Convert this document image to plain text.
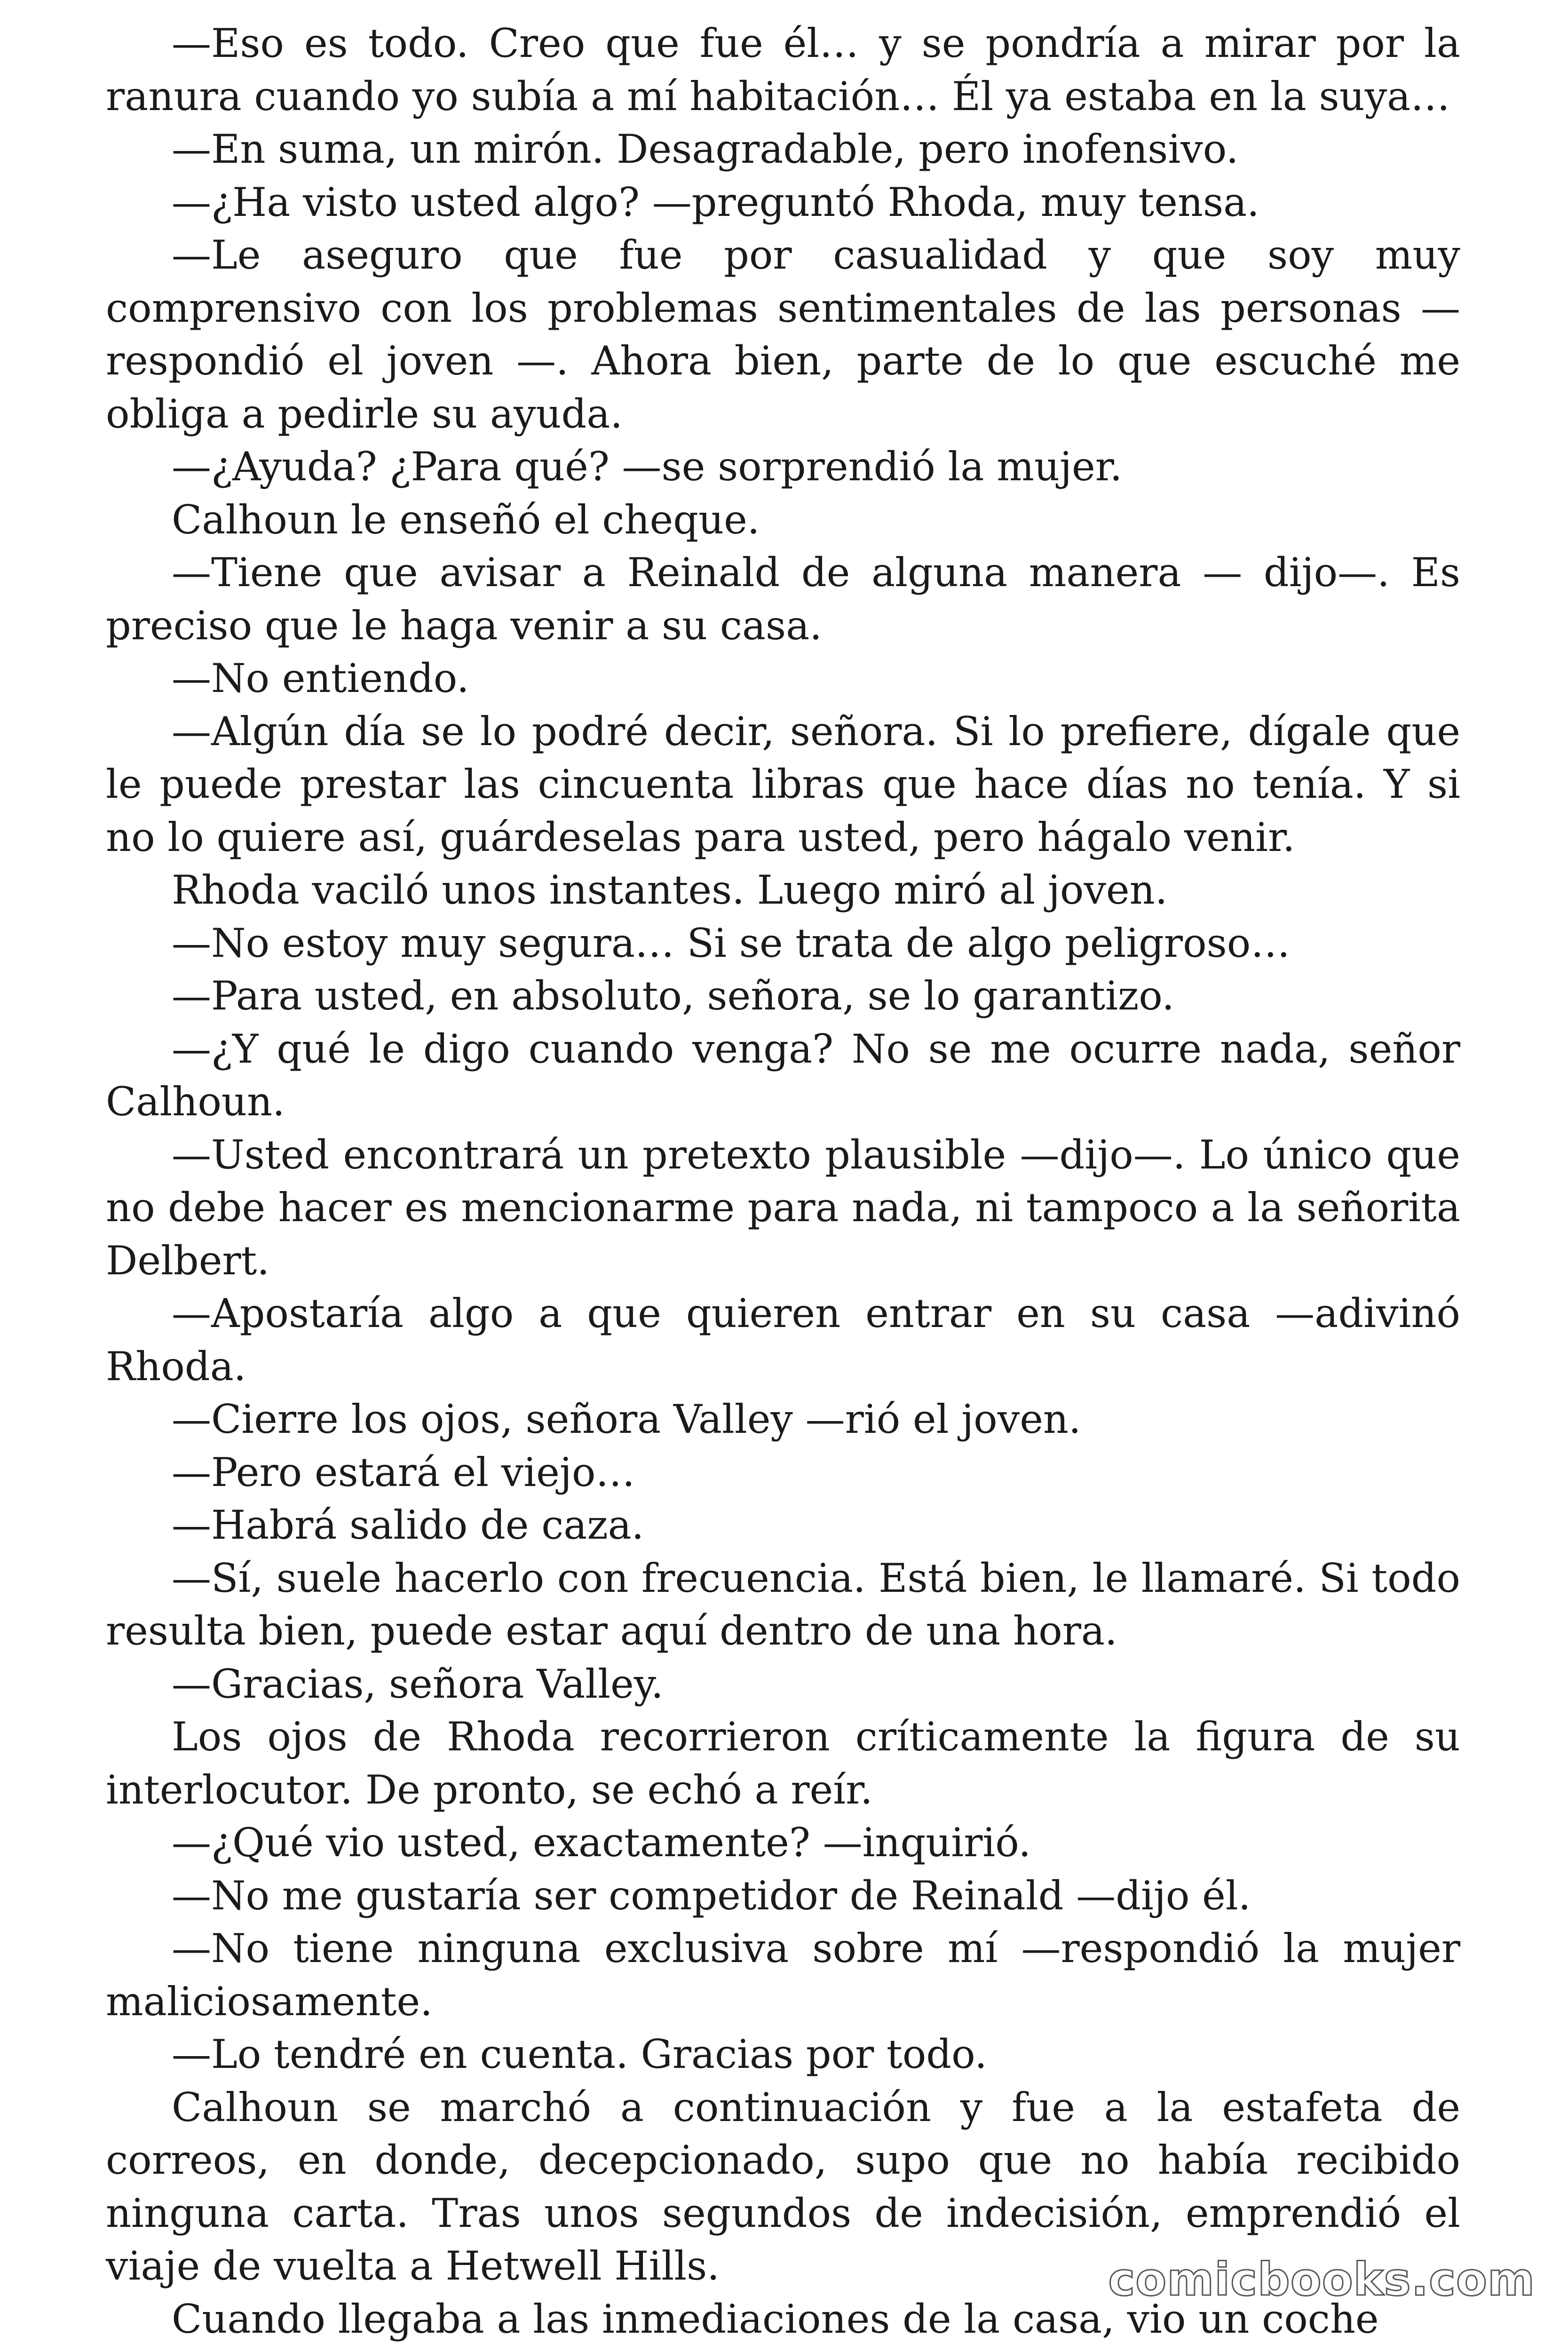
—Eso es todo. Creo que fue él… y se pondría a mirar por la ranura cuando yo subía a mí habitación… Él ya estaba en la suya…

—En suma, un mirón. Desagradable, pero inofensivo.

—¿Ha visto usted algo? —preguntó Rhoda, muy tensa.

—Le aseguro que fue por casualidad y que soy muy comprensivo con los problemas sentimentales de las personas —respondió el joven —. Ahora bien, parte de lo que escuché me obliga a pedirle su ayuda.

—¿Ayuda? ¿Para qué? —se sorprendió la mujer.

Calhoun le enseñó el cheque.

—Tiene que avisar a Reinald de alguna manera — dijo—. Es preciso que le haga venir a su casa.

—No entiendo.

—Algún día se lo podré decir, señora. Si lo prefiere, dígale que le puede prestar las cincuenta libras que hace días no tenía. Y si no lo quiere así, guárdeselas para usted, pero hágalo venir.

Rhoda vaciló unos instantes. Luego miró al joven.

—No estoy muy segura… Si se trata de algo peligroso…

—Para usted, en absoluto, señora, se lo garantizo.

—¿Y qué le digo cuando venga? No se me ocurre nada, señor Calhoun.

—Usted encontrará un pretexto plausible —dijo—. Lo único que no debe hacer es mencionarme para nada, ni tampoco a la señorita Delbert.

—Apostaría algo a que quieren entrar en su casa —adivinó Rhoda.

—Cierre los ojos, señora Valley —rió el joven.

—Pero estará el viejo…

—Habrá salido de caza.

—Sí, suele hacerlo con frecuencia. Está bien, le llamaré. Si todo resulta bien, puede estar aquí dentro de una hora.

—Gracias, señora Valley.

Los ojos de Rhoda recorrieron críticamente la figura de su interlocutor. De pronto, se echó a reír.

—¿Qué vio usted, exactamente? —inquirió.

—No me gustaría ser competidor de Reinald —dijo él.

—No tiene ninguna exclusiva sobre mí —respondió la mujer maliciosamente.

—Lo tendré en cuenta. Gracias por todo.

Calhoun se marchó a continuación y fue a la estafeta de correos, en donde, decepcionado, supo que no había recibido ninguna carta. Tras unos segundos de indecisión, emprendió el viaje de vuelta a Hetwell Hills.

Cuando llegaba a las inmediaciones de la casa, vio un coche

comicbooks.com
